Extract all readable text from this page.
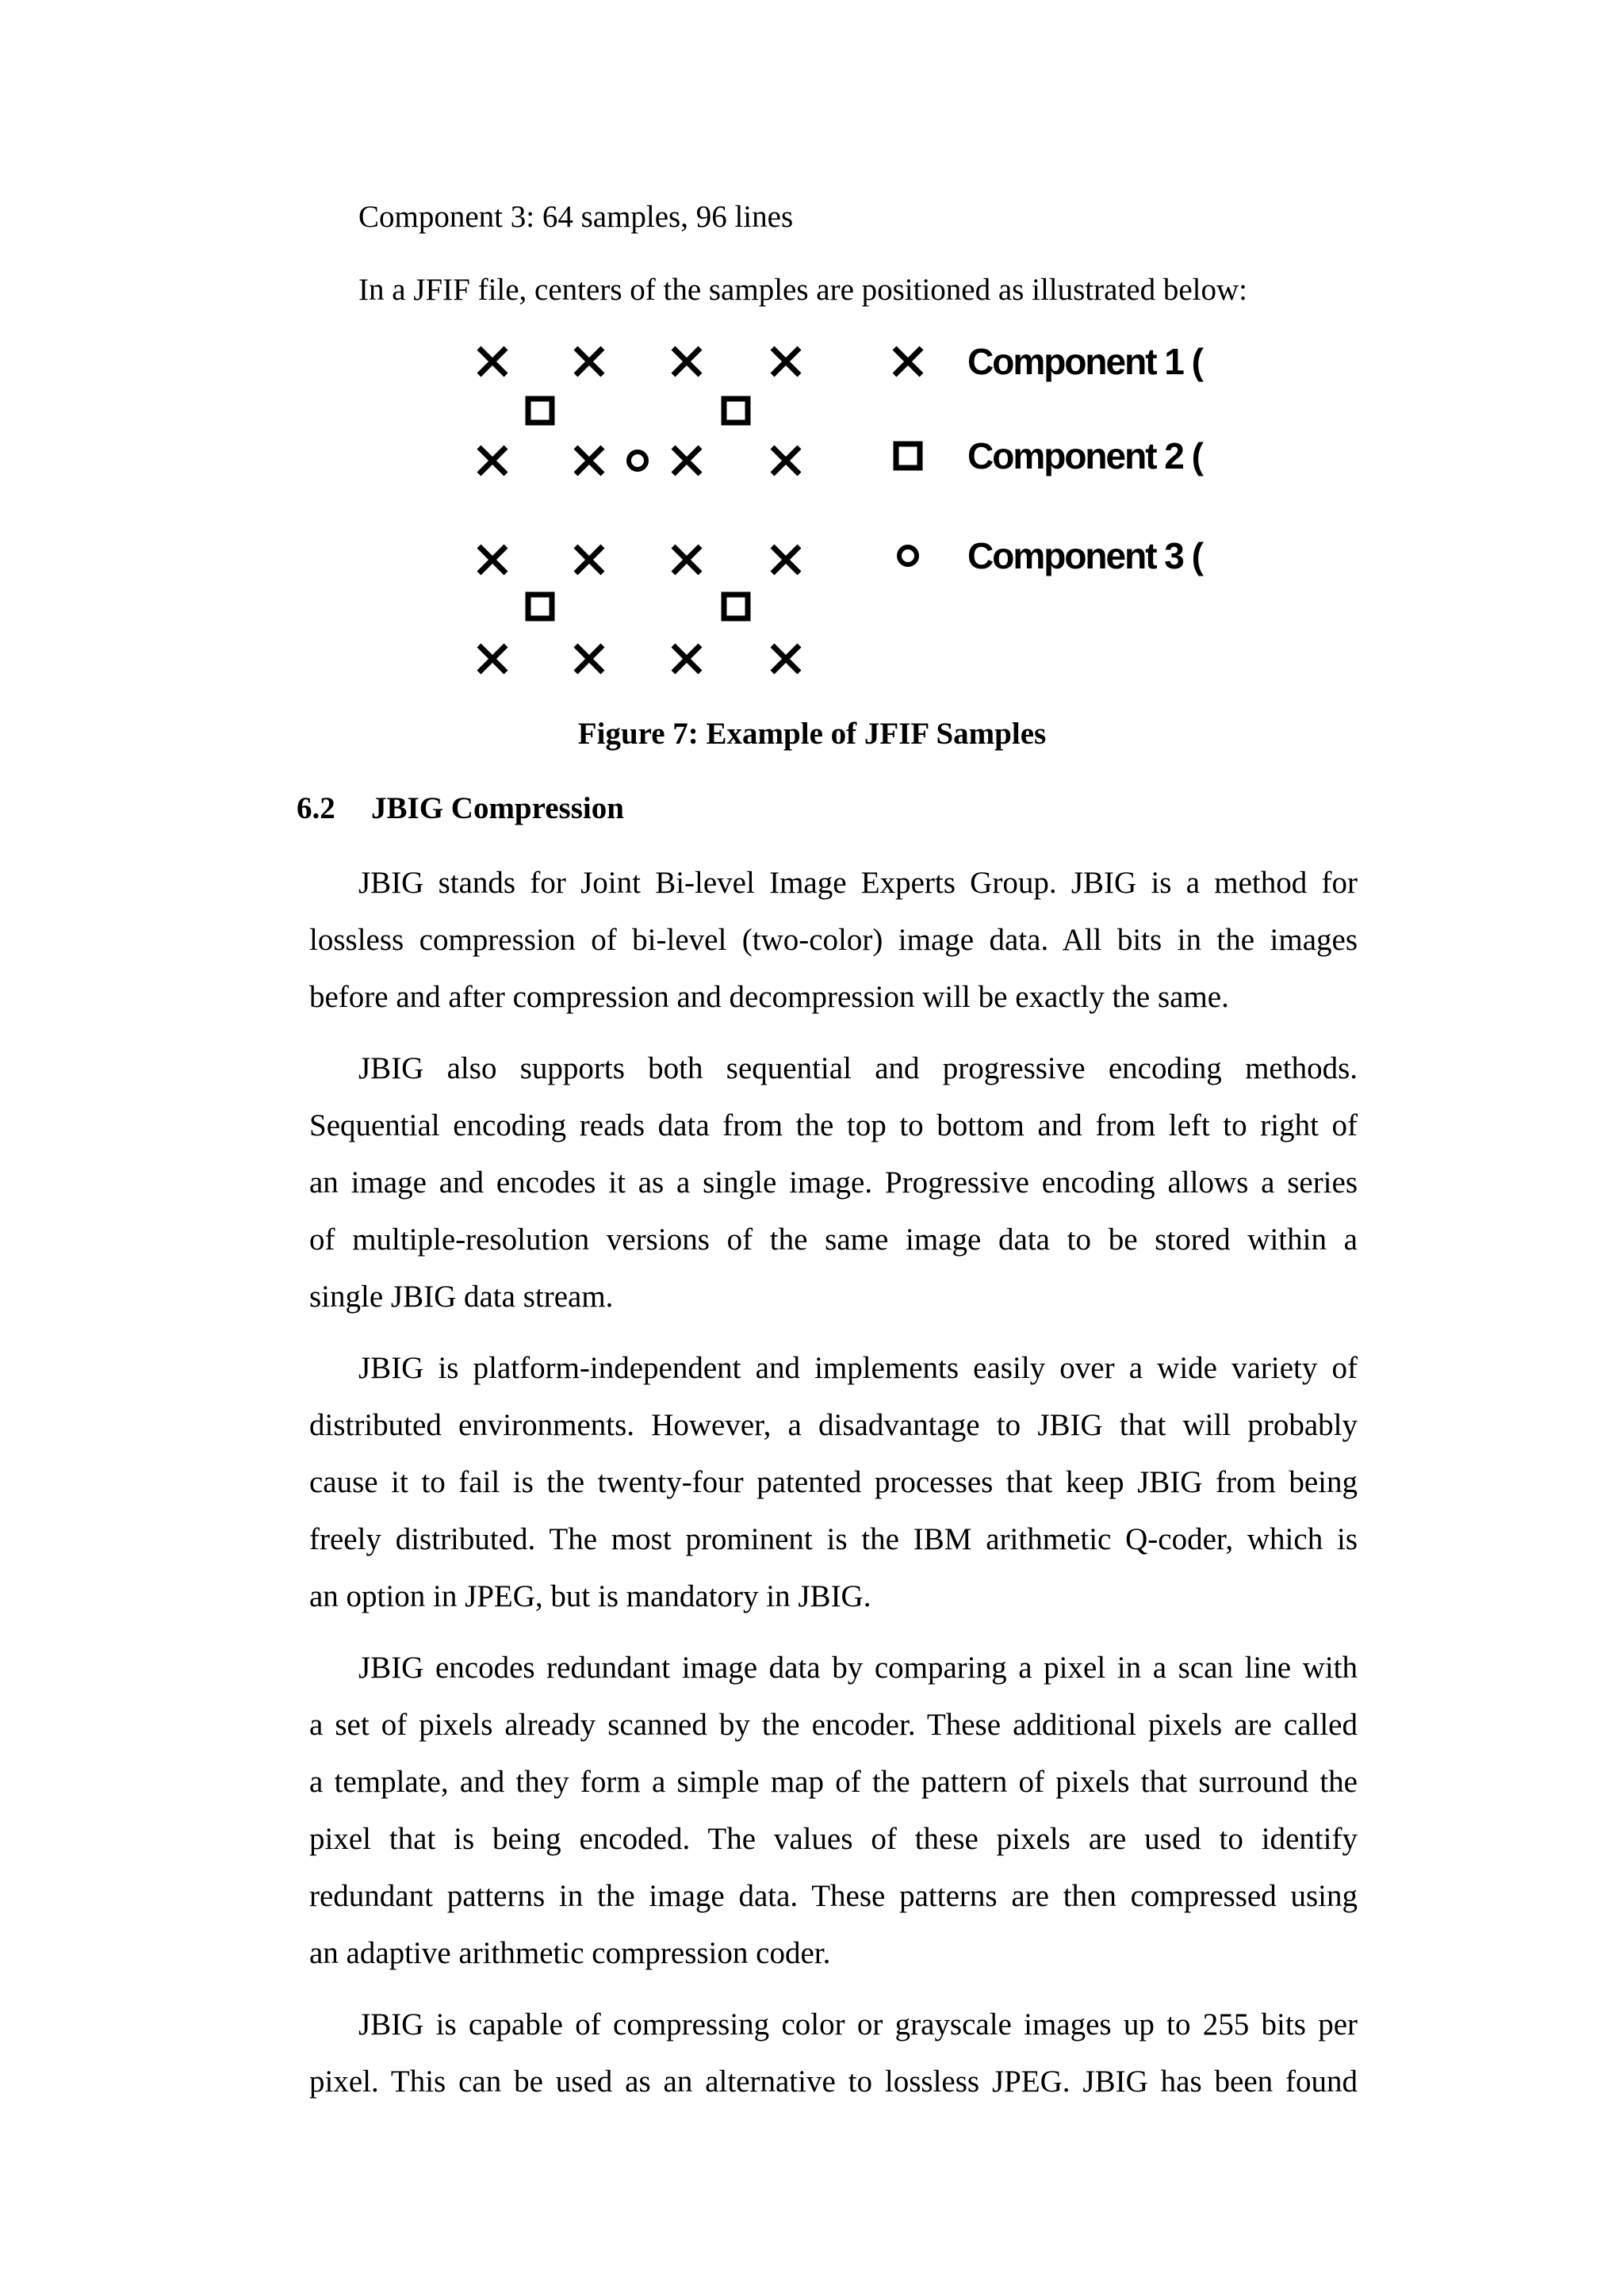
Component 3: 64 samples, 96 lines
In a JFIF file, centers of the samples are positioned as illustrated below:
Component 1 (
Component 2 (
Component 3 (
Figure 7: Example of JFIF Samples
6.2 JBIG Compression
JBIG stands for Joint Bi-level Image Experts Group. JBIG is a method for
lossless compression of bi-level (two-color) image data. All bits in the images
before and after compression and decompression will be exactly the same.
JBIG also supports both sequential and progressive encoding methods.
Sequential encoding reads data from the top to bottom and from left to right of
an image and encodes it as a single image. Progressive encoding allows a series
of multiple-resolution versions of the same image data to be stored within a
single JBIG data stream.
JBIG is platform-independent and implements easily over a wide variety of
distributed environments. However, a disadvantage to JBIG that will probably
cause it to fail is the twenty-four patented processes that keep JBIG from being
freely distributed. The most prominent is the IBM arithmetic Q-coder, which is
an option in JPEG, but is mandatory in JBIG.
JBIG encodes redundant image data by comparing a pixel in a scan line with
a set of pixels already scanned by the encoder. These additional pixels are called
a template, and they form a simple map of the pattern of pixels that surround the
pixel that is being encoded. The values of these pixels are used to identify
redundant patterns in the image data. These patterns are then compressed using
an adaptive arithmetic compression coder.
JBIG is capable of compressing color or grayscale images up to 255 bits per
pixel. This can be used as an alternative to lossless JPEG. JBIG has been found
